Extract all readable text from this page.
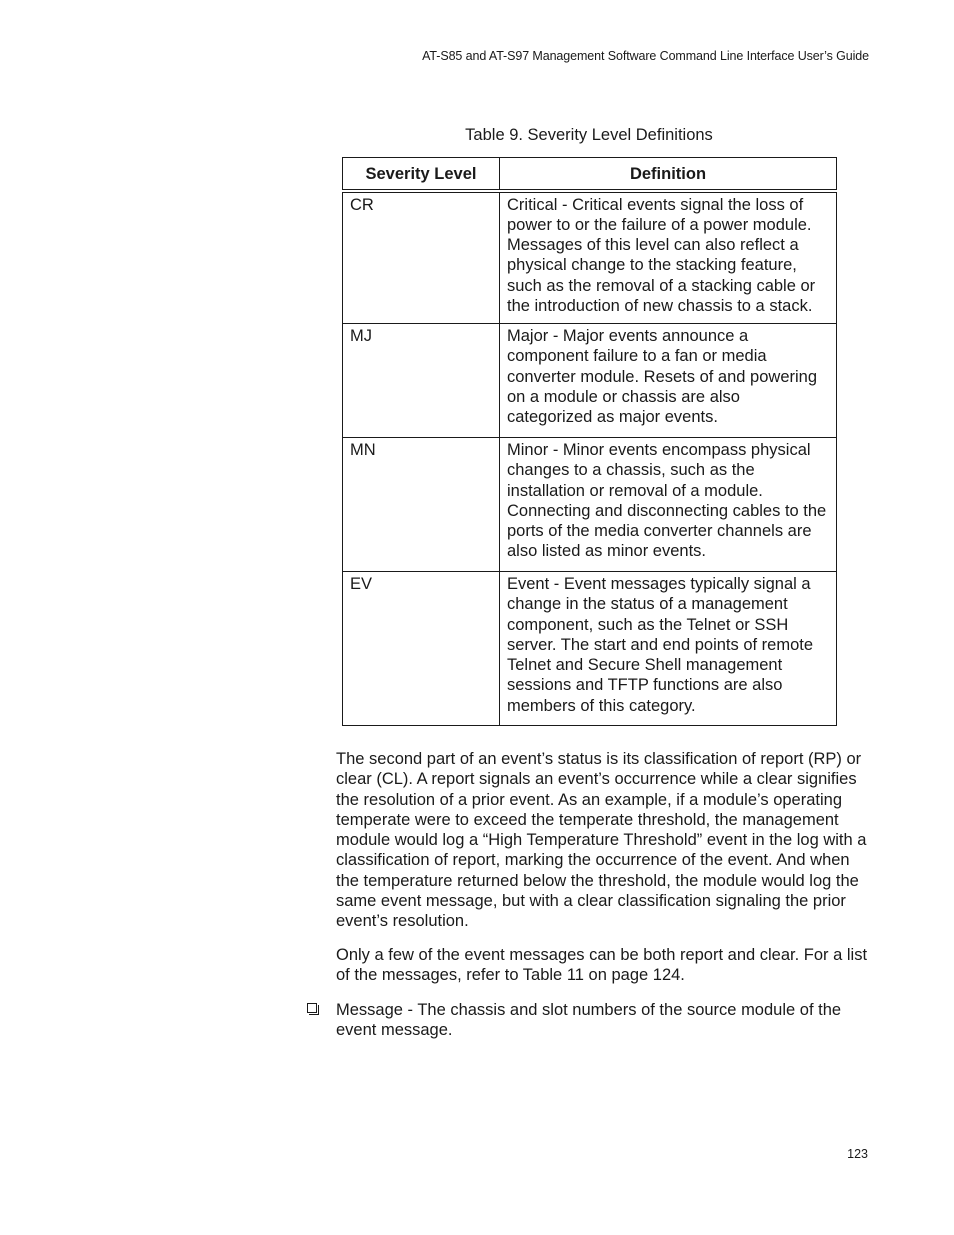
AT-S85 and AT-S97 Management Software Command Line Interface User’s Guide
Table 9. Severity Level Definitions
Severity Level	Definition
CR	Critical - Critical events signal the loss of power to or the failure of a power module. Messages of this level can also reflect a physical change to the stacking feature, such as the removal of a stacking cable or the introduction of new chassis to a stack.
MJ	Major - Major events announce a component failure to a fan or media converter module. Resets of and powering on a module or chassis are also categorized as major events.
MN	Minor - Minor events encompass physical changes to a chassis, such as the installation or removal of a module. Connecting and disconnecting cables to the ports of the media converter channels are also listed as minor events.
EV	Event - Event messages typically signal a change in the status of a management component, such as the Telnet or SSH server. The start and end points of remote Telnet and Secure Shell management sessions and TFTP functions are also members of this category.

The second part of an event’s status is its classification of report (RP) or clear (CL). A report signals an event’s occurrence while a clear signifies the resolution of a prior event. As an example, if a module’s operating temperate were to exceed the temperate threshold, the management module would log a “High Temperature Threshold” event in the log with a classification of report, marking the occurrence of the event. And when the temperature returned below the threshold, the module would log the same event message, but with a clear classification signaling the prior event’s resolution.

Only a few of the event messages can be both report and clear. For a list of the messages, refer to Table 11 on page 124.

Message - The chassis and slot numbers of the source module of the event message.

123
